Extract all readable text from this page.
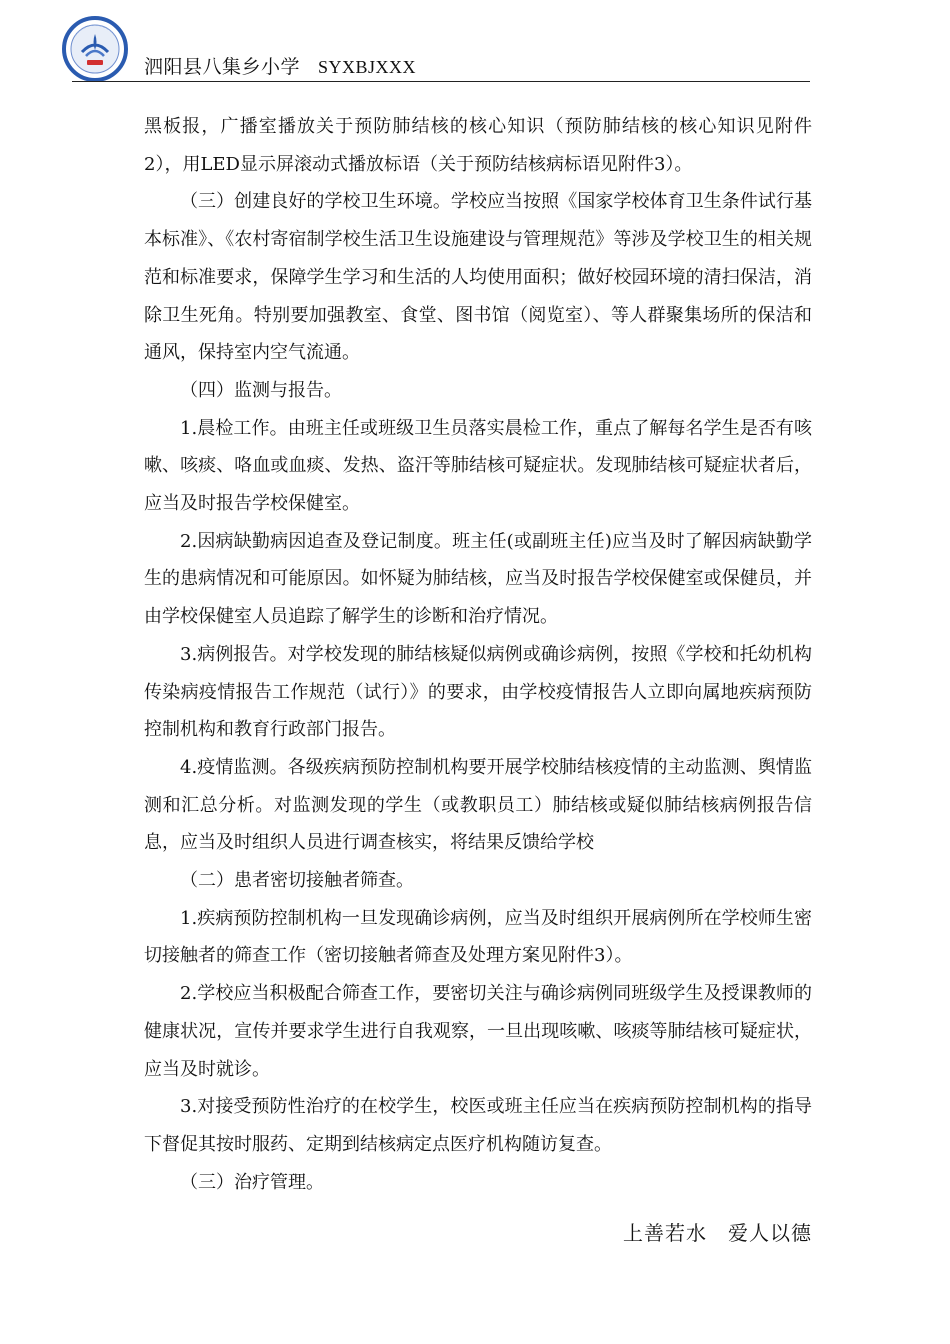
泗阳县八集乡小学 SYXBJXXX

黑板报，广播室播放关于预防肺结核的核心知识（预防肺结核的核心知识见附件2），用LED显示屏滚动式播放标语（关于预防结核病标语见附件3）。

（三）创建良好的学校卫生环境。学校应当按照《国家学校体育卫生条件试行基本标准》、《农村寄宿制学校生活卫生设施建设与管理规范》等涉及学校卫生的相关规范和标准要求，保障学生学习和生活的人均使用面积；做好校园环境的清扫保洁，消除卫生死角。特别要加强教室、食堂、图书馆（阅览室）、等人群聚集场所的保洁和通风，保持室内空气流通。

（四）监测与报告。

1.晨检工作。由班主任或班级卫生员落实晨检工作，重点了解每名学生是否有咳嗽、咳痰、咯血或血痰、发热、盗汗等肺结核可疑症状。发现肺结核可疑症状者后，应当及时报告学校保健室。

2.因病缺勤病因追查及登记制度。班主任(或副班主任)应当及时了解因病缺勤学生的患病情况和可能原因。如怀疑为肺结核，应当及时报告学校保健室或保健员，并由学校保健室人员追踪了解学生的诊断和治疗情况。

3.病例报告。对学校发现的肺结核疑似病例或确诊病例，按照《学校和托幼机构传染病疫情报告工作规范（试行）》的要求，由学校疫情报告人立即向属地疾病预防控制机构和教育行政部门报告。

4.疫情监测。各级疾病预防控制机构要开展学校肺结核疫情的主动监测、舆情监测和汇总分析。对监测发现的学生（或教职员工）肺结核或疑似肺结核病例报告信息，应当及时组织人员进行调查核实，将结果反馈给学校

（二）患者密切接触者筛查。

1.疾病预防控制机构一旦发现确诊病例，应当及时组织开展病例所在学校师生密切接触者的筛查工作（密切接触者筛查及处理方案见附件3）。

2.学校应当积极配合筛查工作，要密切关注与确诊病例同班级学生及授课教师的健康状况，宣传并要求学生进行自我观察，一旦出现咳嗽、咳痰等肺结核可疑症状，应当及时就诊。

3.对接受预防性治疗的在校学生，校医或班主任应当在疾病预防控制机构的指导下督促其按时服药、定期到结核病定点医疗机构随访复查。

（三）治疗管理。

上善若水　爱人以德
